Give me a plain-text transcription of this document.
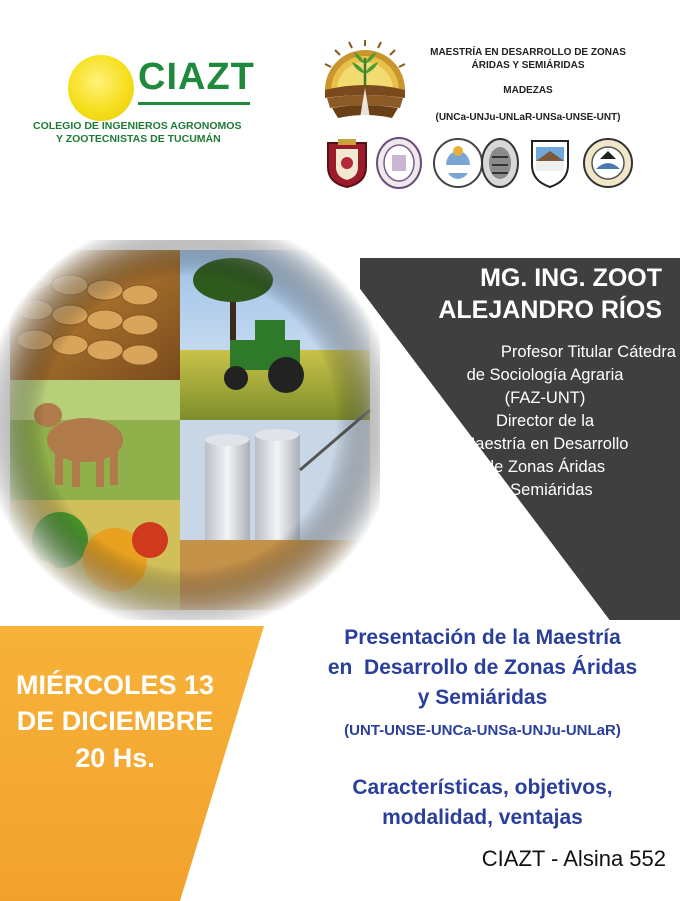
CIAZT
COLEGIO DE INGENIEROS AGRONOMOS
Y ZOOTECNISTAS DE TUCUMÁN
MAESTRÍA EN DESARROLLO DE ZONAS
ÁRIDAS Y SEMIÁRIDAS
MADEZAS
(UNCa-UNJu-UNLaR-UNSa-UNSE-UNT)
MG. ING. ZOOT
ALEJANDRO RÍOS
Profesor Titular Cátedra
de Sociología Agraria
(FAZ-UNT)
Director de la
Maestría en Desarrollo
de Zonas Áridas
y Semiáridas
MIÉRCOLES 13
DE DICIEMBRE
20 Hs.
Presentación de la Maestría
en  Desarrollo de Zonas Áridas
y Semiáridas
(UNT-UNSE-UNCa-UNSa-UNJu-UNLaR)
Características, objetivos,
modalidad, ventajas
CIAZT - Alsina 552
